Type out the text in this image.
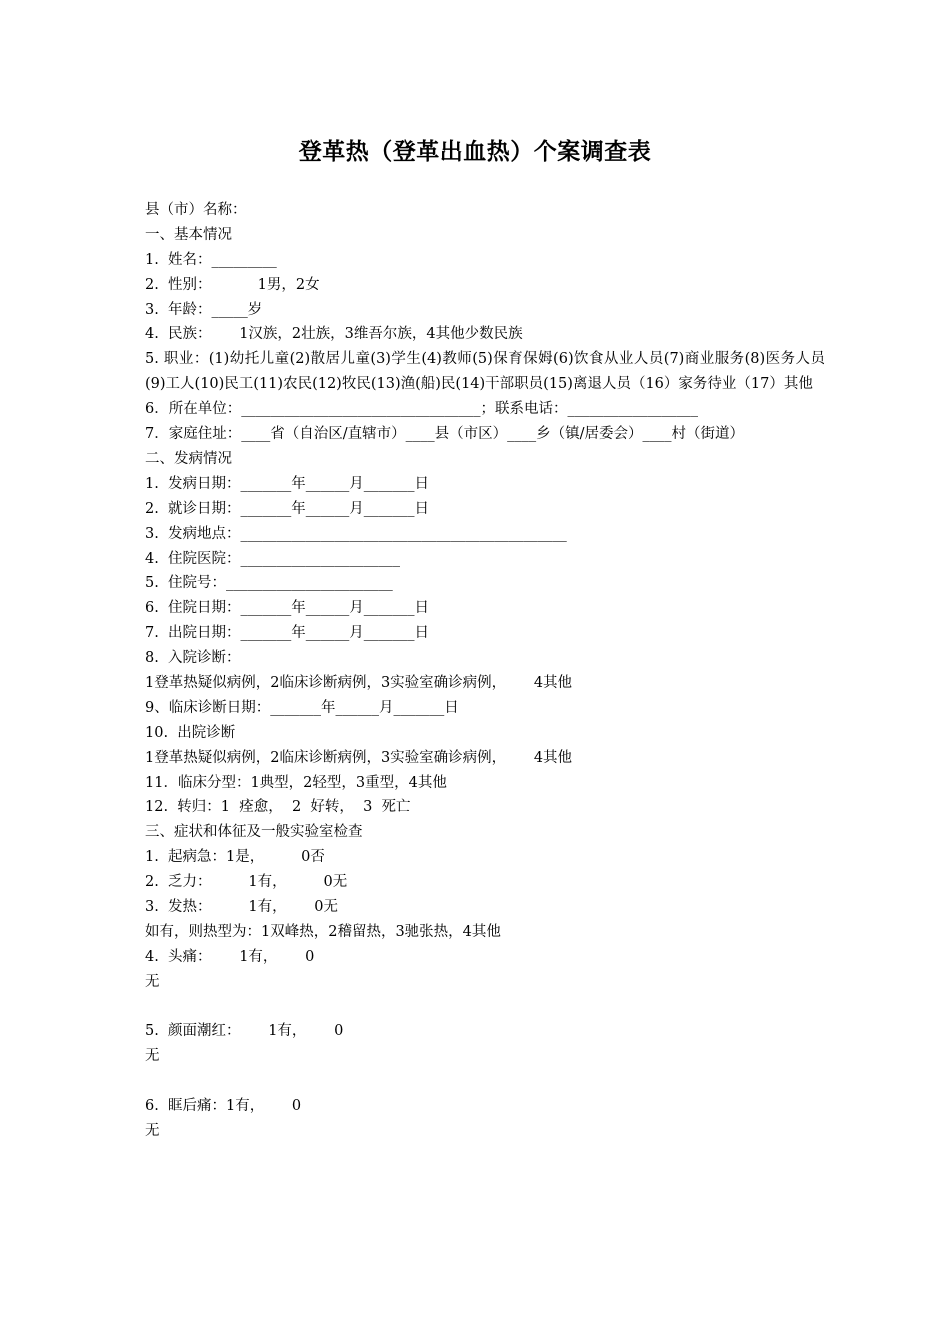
登革热（登革出血热）个案调查表
县（市）名称：
一、基本情况
1.  姓名：_________
2.  性别：          1男，2女
3.  年龄：_____岁
4.  民族：      1汉族，2壮族，3维吾尔族，4其他少数民族
5. 职业：(1)幼托儿童(2)散居儿童(3)学生(4)教师(5)保育保姆(6)饮食从业人员(7)商业服务(8)医务人员(9)工人(10)民工(11)农民(12)牧民(13)渔(船)民(14)干部职员(15)离退人员（16）家务待业（17）其他
6．所在单位：_________________________________；联系电话：__________________
7．家庭住址：____省（自治区/直辖市）____县（市区）____乡（镇/居委会）____村（街道）
二、发病情况
1.  发病日期：_______年______月_______日
2.  就诊日期：_______年______月_______日
3.  发病地点：_____________________________________________
4.  住院医院：______________________
5.  住院号：_______________________
6.  住院日期：_______年______月_______日
7.  出院日期：_______年______月_______日
8.  入院诊断：
1登革热疑似病例，2临床诊断病例，3实验室确诊病例，      4其他
9、临床诊断日期：_______年______月_______日
10.  出院诊断
1登革热疑似病例，2临床诊断病例，3实验室确诊病例，      4其他
11．临床分型：1典型，2轻型，3重型，4其他
12.  转归：1  痊愈，  2  好转，  3  死亡
三、症状和体征及一般实验室检查
1.  起病急：1是，        0否
2.  乏力：        1有，        0无
3.  发热：        1有，      0无
如有，则热型为：1双峰热，2稽留热，3驰张热，4其他
4.  头痛：      1有，      0
无
5.  颜面潮红：      1有，      0
无
6.  眶后痛：1有，      0
无
